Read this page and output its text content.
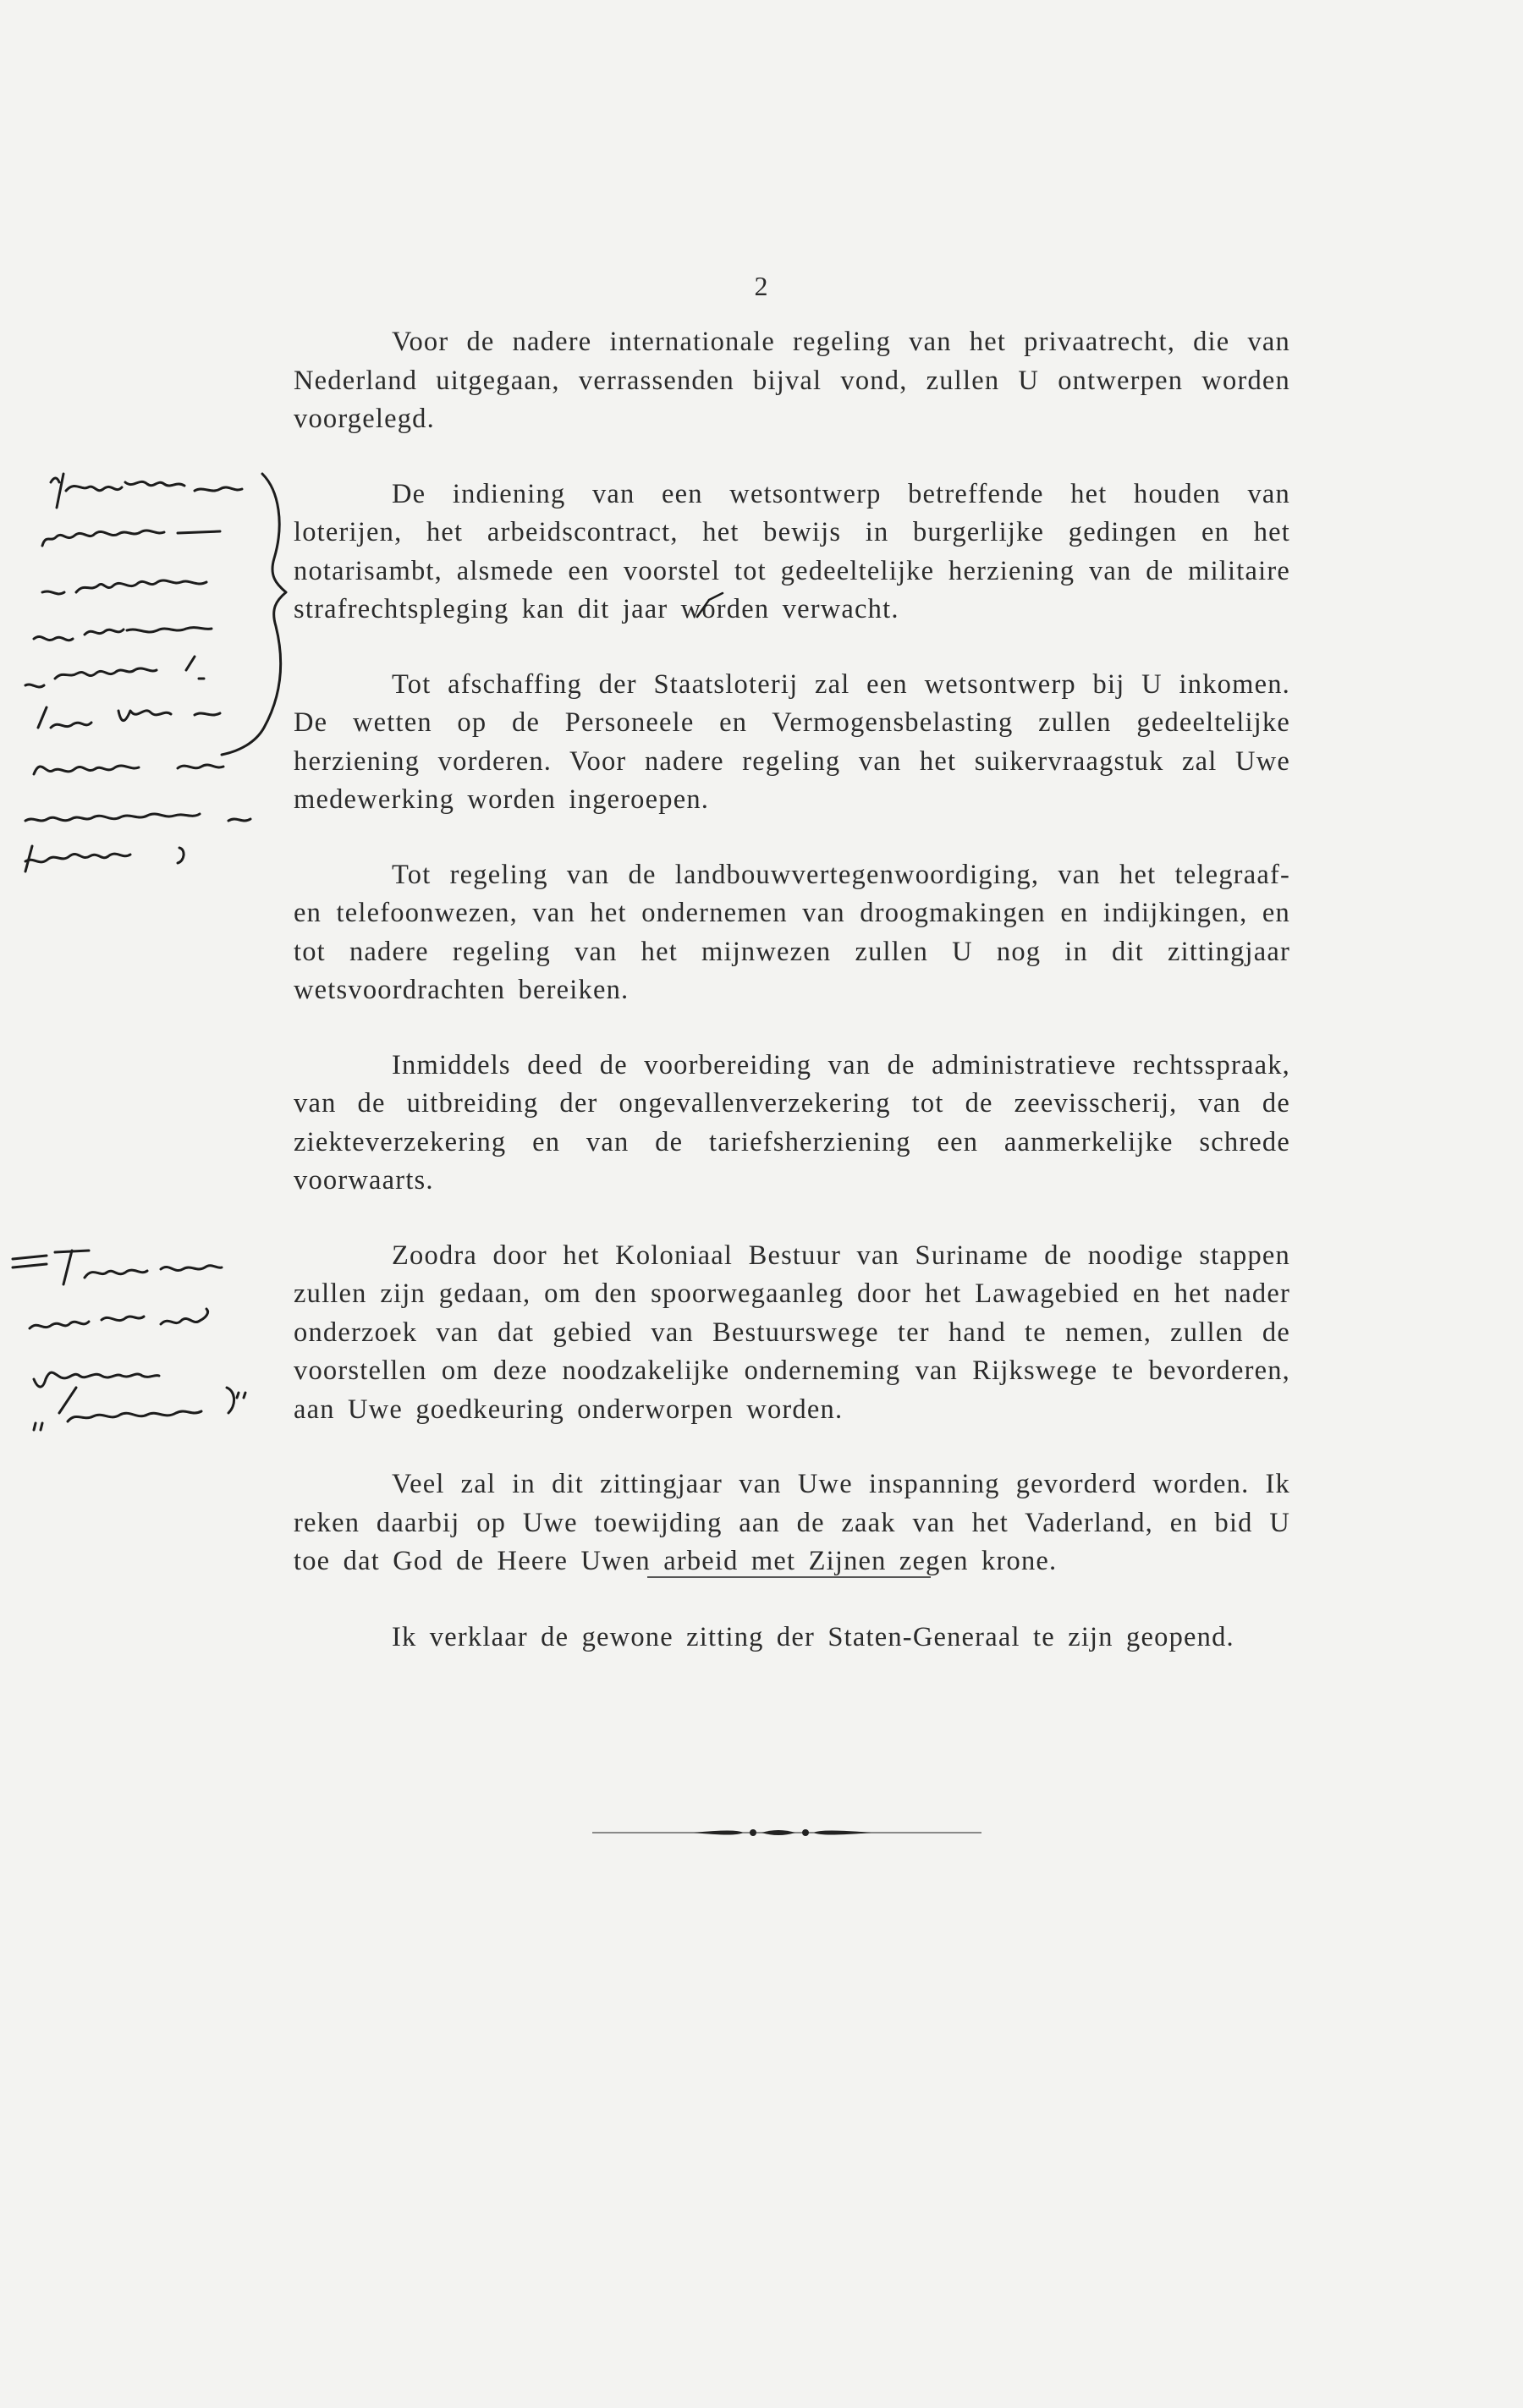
2

Voor de nadere internationale regeling van het privaatrecht, die van Nederland uitgegaan, verrassenden bijval vond, zullen U ontwerpen worden voorgelegd.

De indiening van een wetsontwerp betreffende het houden van loterijen, het arbeidscontract, het bewijs in burgerlijke gedingen en het notarisambt, alsmede een voorstel tot gedeeltelijke herziening van de militaire strafrechtspleging kan dit jaar worden verwacht.

Tot afschaffing der Staatsloterij zal een wetsontwerp bij U inkomen. De wetten op de Personeele en Vermogensbelasting zullen gedeeltelijke herziening vorderen. Voor nadere regeling van het suikervraagstuk zal Uwe medewerking worden ingeroepen.

Tot regeling van de landbouwvertegenwoordiging, van het telegraaf- en telefoonwezen, van het ondernemen van droogmakingen en indijkingen, en tot nadere regeling van het mijnwezen zullen U nog in dit zittingjaar wetsvoordrachten bereiken.

Inmiddels deed de voorbereiding van de administratieve rechtsspraak, van de uitbreiding der ongevallenverzekering tot de zeevisscherij, van de ziekteverzekering en van de tariefsherziening een aanmerkelijke schrede voorwaarts.

Zoodra door het Koloniaal Bestuur van Suriname de noodige stappen zullen zijn gedaan, om den spoorwegaanleg door het Lawagebied en het nader onderzoek van dat gebied van Bestuurswege ter hand te nemen, zullen de voorstellen om deze noodzakelijke onderneming van Rijkswege te bevorderen, aan Uwe goedkeuring onderworpen worden.

Veel zal in dit zittingjaar van Uwe inspanning gevorderd worden. Ik reken daarbij op Uwe toewijding aan de zaak van het Vaderland, en bid U toe dat God de Heere Uwen arbeid met Zijnen zegen krone.

Ik verklaar de gewone zitting der Staten-Generaal te zijn geopend.
